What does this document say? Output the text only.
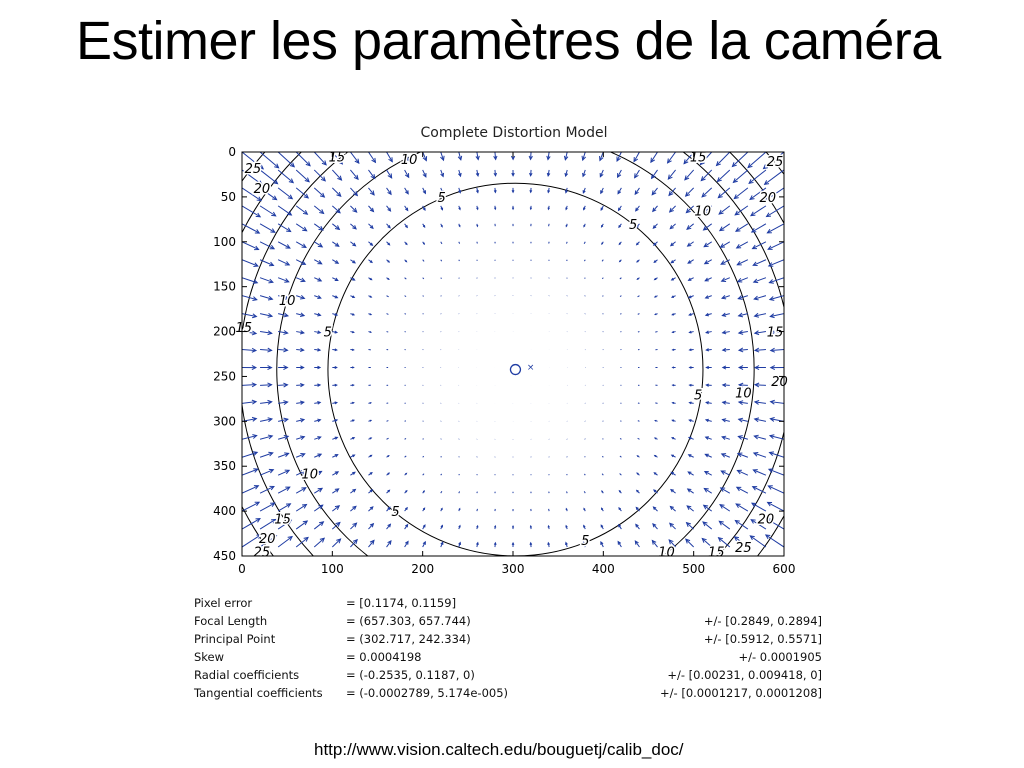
Complete Distortion Model
5
5
5
5
5
5
10
10
10
10
10
10
15	15
15	15
15
15
20
20
20
20
20
25	25
25	25
×
0	100	200	300	400	500	600
0
50
100
150
200
250
300
350
400
450
Estimer les paramètres de la caméra
Pixel error	= [0.1174, 0.1159]
Focal Length	= (657.303, 657.744)	+/- [0.2849, 0.2894]
Principal Point	= (302.717, 242.334)	+/- [0.5912, 0.5571]
Skew	= 0.0004198	+/- 0.0001905
Radial coefficients	= (-0.2535, 0.1187, 0)	+/- [0.00231, 0.009418, 0]
Tangential coefficients = (-0.0002789, 5.174e-005)	+/- [0.0001217, 0.0001208]
http://www.vision.caltech.edu/bouguetj/calib_doc/
